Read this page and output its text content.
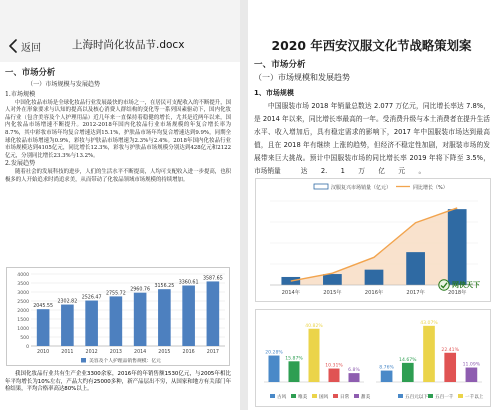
返回	上海时尚化妆品节.docx
一、市场分析
（一）市场规模与发展趋势
1.市场规模
中国化妆品市场是全球化妆品行业发展最快的市场之一，在居民可支配收入的不断提升，国人对外在形象要求与认知的提高以及核心消费人群结构的变化等一系列因素驱动下，国内化妆品行业（包含美容及个人护理用品）近几年来一直保持着稳健的增长，尤其是近两年以来，国内化妆品市场增速不断提升。2012-2018年国内化妆品行业市场规模的年复合增长率为8.7%，其中彩妆市场年均复合增速达到15.1%，护肤品市场年均复合增速达到9.9%，同期全球化妆品市场增速为0.9%，彩妆与护肤品市场增速为2.3%与2.4%。2018年国内化妆品行业市场规模达到4105亿元，同比增长12.3%，彩妆与护肤品市场规模分别达到428亿元和2122亿元，分别同比增长23.3%与13.2%。
2.发展趋势
随着社会的发展科技的进步，人们的生活水平不断提高，人均可支配收入进一步提高，也积极多的人开始追求时尚追求美，从而带动了化妆品领域市场规模的持续增加。
0
500
1000
1500
2000
2500
3000
3500
4000
2045.55
2010
2302.82
2011
2526.47
2012
2755.72
2013
2960.76
2014
3156.25
2015
3360.61
2016
3587.65
2017
美容及个人护理品销售规模：亿元
我国化妆品行业共有生产企业3300余家，2016年的年销售额1530亿元，与2005年相比年平均增长为10%左右，产品大约有25000多种，新产品层出不穷，从国家和地方有关部门年检结果，平均合格率高达80%以上。
2020 年西安汉服文化节战略策划案
一、市场分析
（一）市场规模和发展趋势
1、市场规模
中国服装市场 2018 年销量总数达 2.077 万亿元，同比增长率达 7.8%，是 2014 年以来，同比增长率最高的一年。受消费升级与本土消费者在提升生活水平、收入增加后，具有稳定需求的影响下，2017 年中国服装市场达到最高值，且在 2018 年有继续 上涨的趋势，但经济不稳定性加剧，对服装市场的发展带来巨大挑战。预计中国服装市场的同比增长率 2019 年将下降至 3.5%， 市场销量　　　达　　2.　　1　　万　　亿　　元　　。
汉服复兴市场销量（亿元）	同比增长（%）
2014年	2015年	2016年	2017年	2018年
网侠天下
20.28%
15.87%
40.82%
10.31%
6.8%
8.76%
14.67%
43.07%
22.41%
11.09%
古风	唯美	国风	日常	甜美	五百元以下 五百一千	一千以上
